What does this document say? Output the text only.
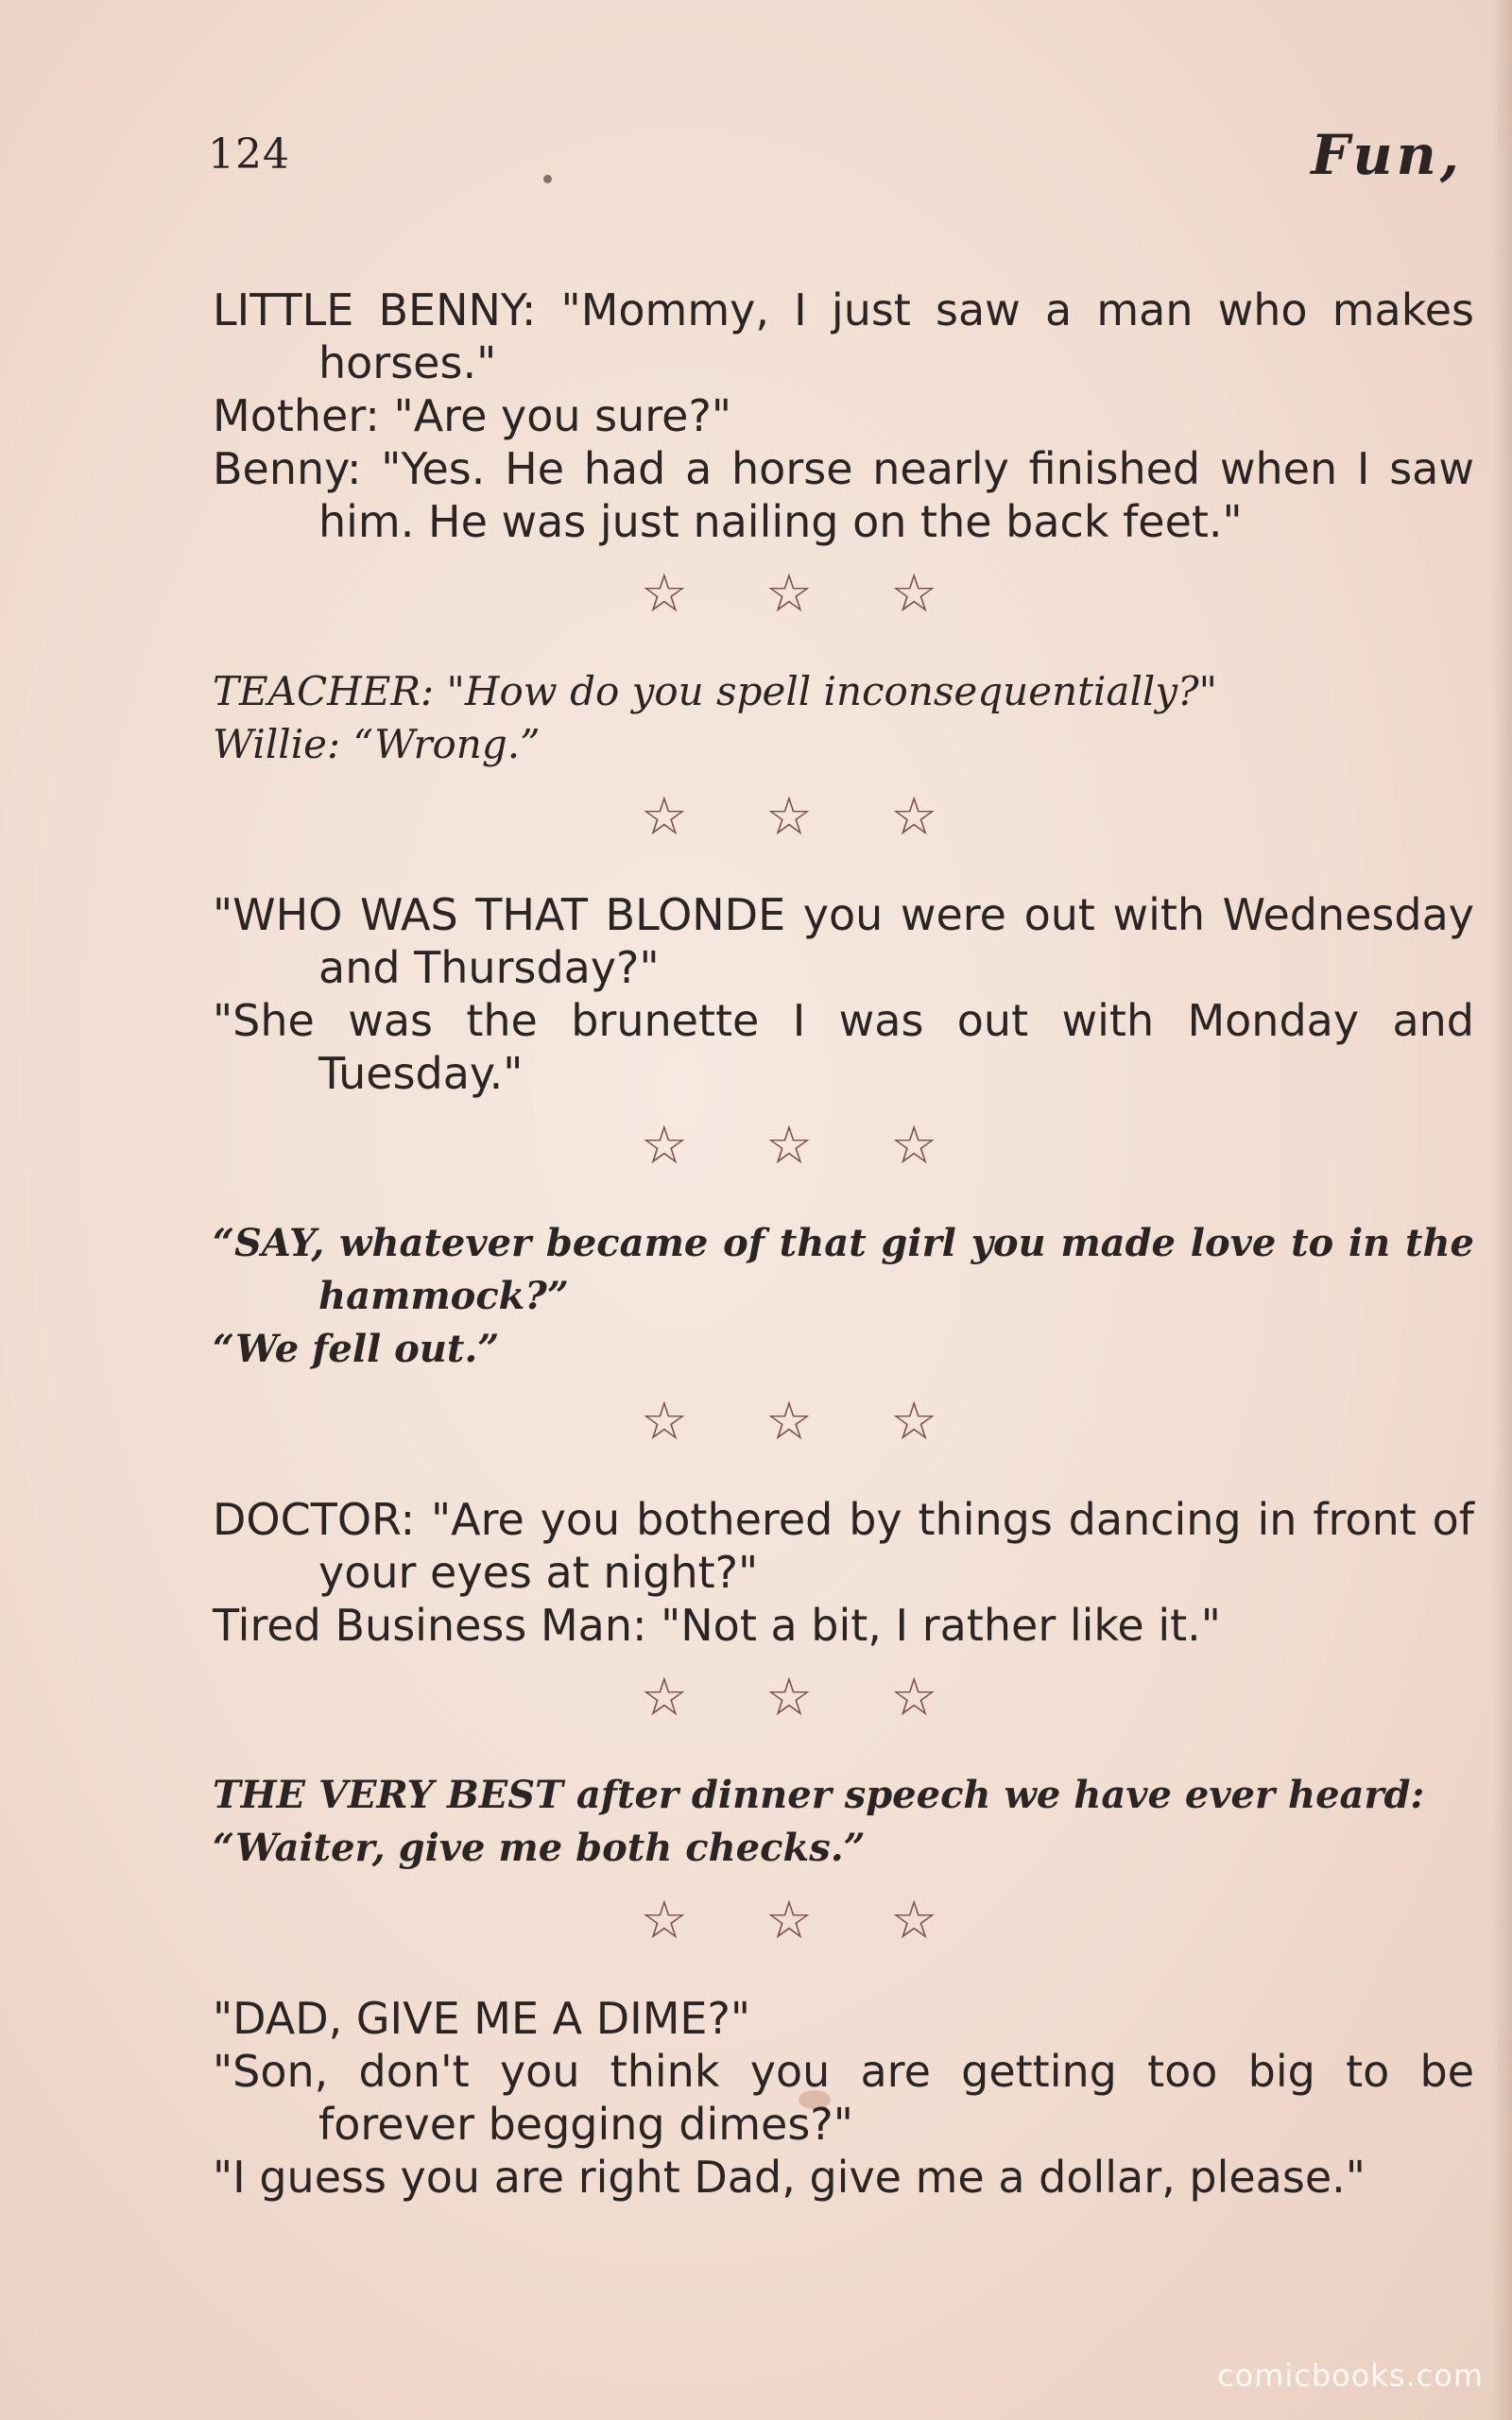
124	Fun,
LITTLE BENNY: "Mommy, I just saw a man who makes horses."
Mother: "Are you sure?"
Benny: "Yes. He had a horse nearly finished when I saw him. He was just nailing on the back feet."
☆ ☆ ☆
TEACHER: "How do you spell inconsequentially?"
Willie: “Wrong.”
☆ ☆ ☆
"WHO WAS THAT BLONDE you were out with Wednesday and Thursday?"
"She was the brunette I was out with Monday and Tuesday."
☆ ☆ ☆
“SAY, whatever became of that girl you made love to in the hammock?”
“We fell out.”
☆ ☆ ☆
DOCTOR: "Are you bothered by things dancing in front of your eyes at night?"
Tired Business Man: "Not a bit, I rather like it."
☆ ☆ ☆
THE VERY BEST after dinner speech we have ever heard:
“Waiter, give me both checks.”
☆ ☆ ☆
"DAD, GIVE ME A DIME?"
"Son, don't you think you are getting too big to be forever begging dimes?"
"I guess you are right Dad, give me a dollar, please."
comicbooks.com
